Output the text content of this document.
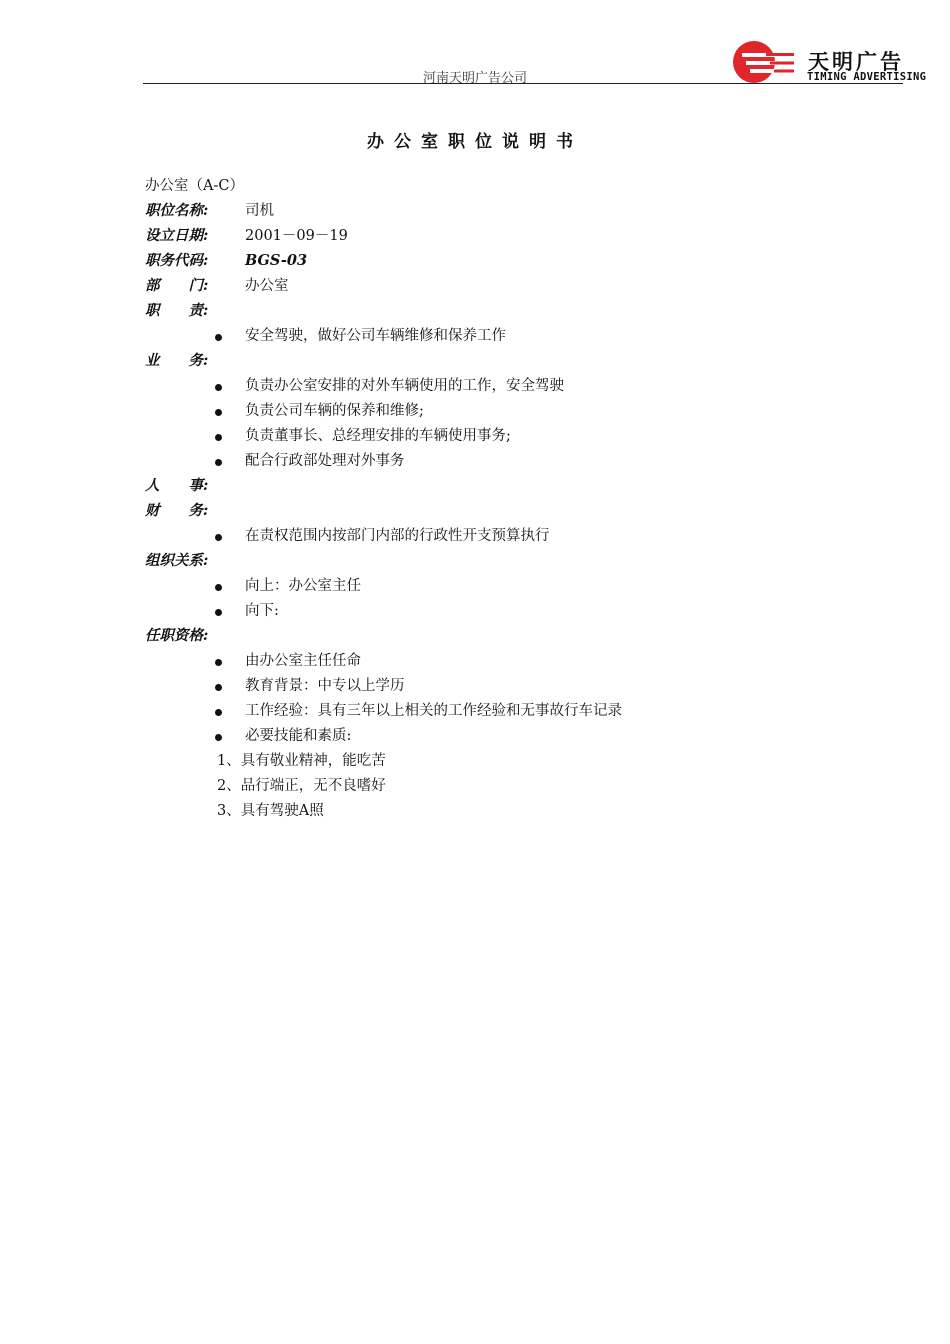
河南天明广告公司
天明广告
TIMING ADVERTISING
办公室职位说明书
办公室（A-C）
职位名称:	司机
设立日期:	2001－09－19
职务代码:	BGS-03
部　　门:	办公室
职　　责:
安全驾驶，做好公司车辆维修和保养工作
业　　务:
负责办公室安排的对外车辆使用的工作，安全驾驶
负责公司车辆的保养和维修;
负责董事长、总经理安排的车辆使用事务;
配合行政部处理对外事务
人　　事:
财　　务:
在责权范围内按部门内部的行政性开支预算执行
组织关系:
向上：办公室主任
向下:
任职资格:
由办公室主任任命
教育背景：中专以上学历
工作经验：具有三年以上相关的工作经验和无事故行车记录
必要技能和素质:
1、具有敬业精神，能吃苦
2、品行端正，无不良嗜好
3、具有驾驶A照
